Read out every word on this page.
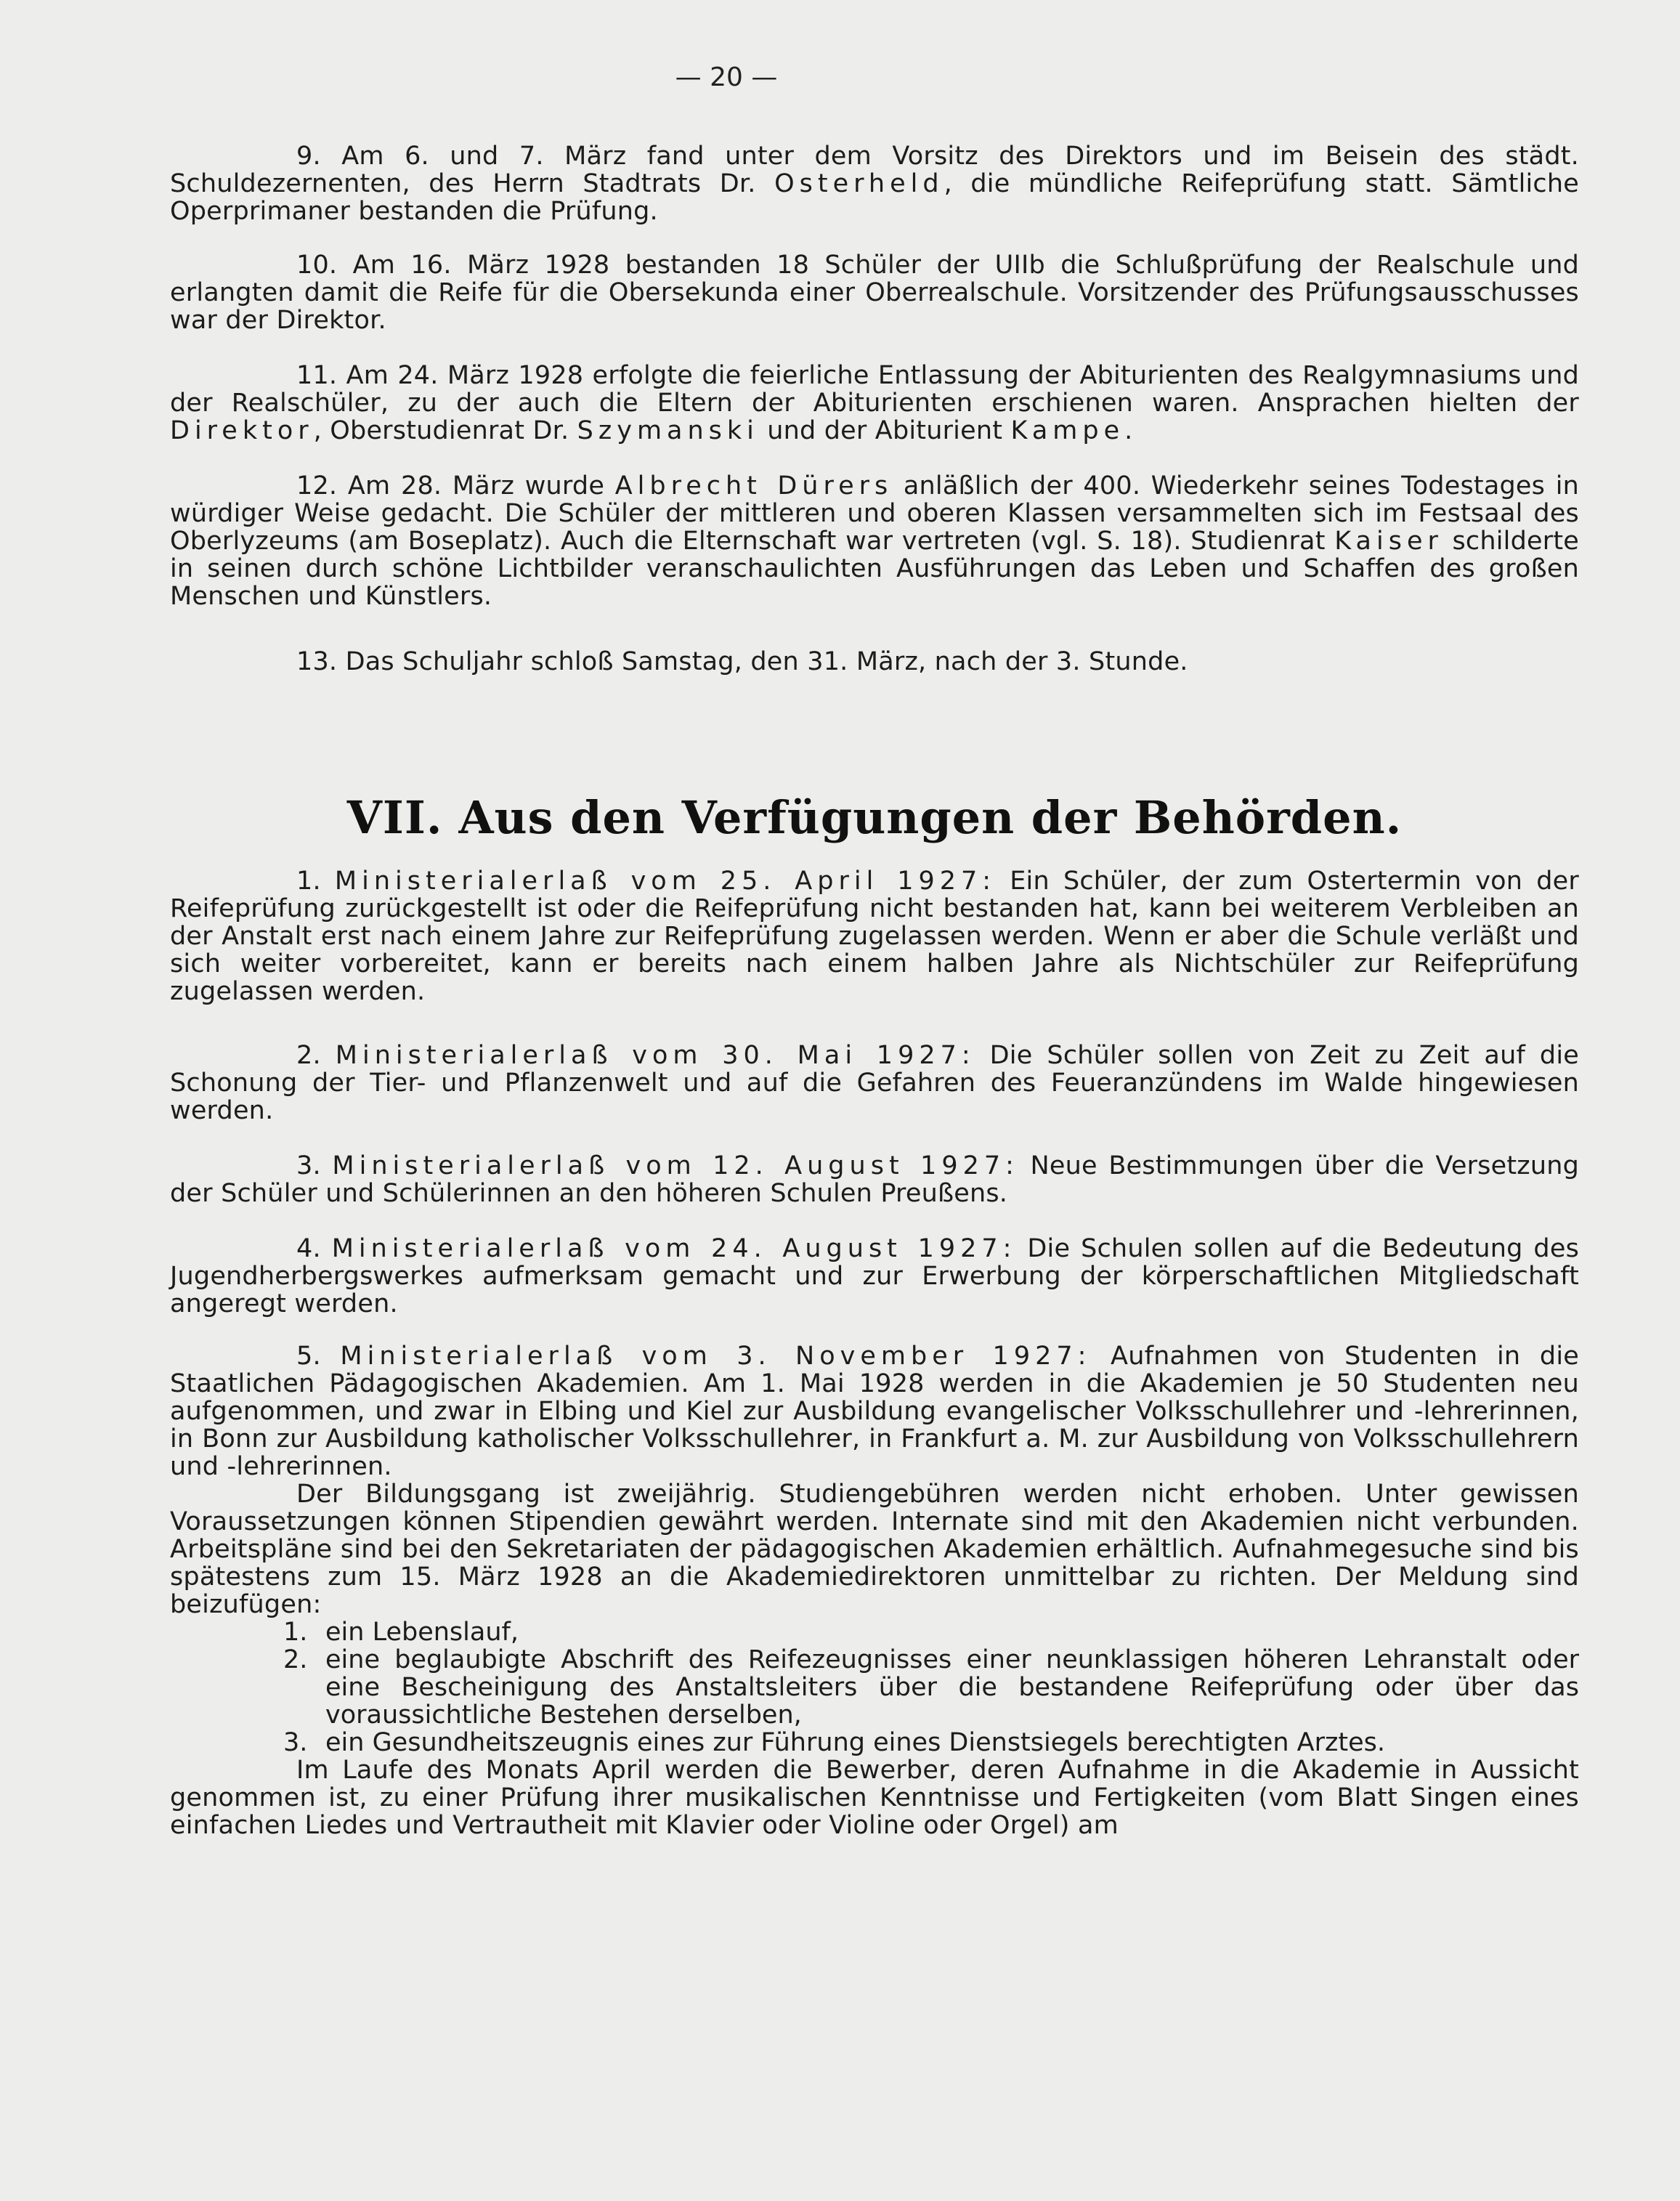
— 20 —

9. Am 6. und 7. März fand unter dem Vorsitz des Direktors und im Beisein des städt. Schuldezernenten, des Herrn Stadtrats Dr. Osterheld, die mündliche Reifeprüfung statt. Sämtliche Operprimaner bestanden die Prüfung.

10. Am 16. März 1928 bestanden 18 Schüler der UIIb die Schlußprüfung der Realschule und erlangten damit die Reife für die Obersekunda einer Oberrealschule. Vorsitzender des Prüfungsausschusses war der Direktor.

11. Am 24. März 1928 erfolgte die feierliche Entlassung der Abiturienten des Realgymnasiums und der Realschüler, zu der auch die Eltern der Abiturienten erschienen waren. Ansprachen hielten der Direktor, Oberstudienrat Dr. Szymanski und der Abiturient Kampe.

12. Am 28. März wurde Albrecht Dürers anläßlich der 400. Wiederkehr seines Todestages in würdiger Weise gedacht. Die Schüler der mittleren und oberen Klassen versammelten sich im Festsaal des Oberlyzeums (am Boseplatz). Auch die Elternschaft war vertreten (vgl. S. 18). Studienrat Kaiser schilderte in seinen durch schöne Lichtbilder veranschaulichten Ausführungen das Leben und Schaffen des großen Menschen und Künstlers.

13. Das Schuljahr schloß Samstag, den 31. März, nach der 3. Stunde.

VII. Aus den Verfügungen der Behörden.

1. Ministerialerlaß vom 25. April 1927: Ein Schüler, der zum Ostertermin von der Reifeprüfung zurückgestellt ist oder die Reifeprüfung nicht bestanden hat, kann bei weiterem Verbleiben an der Anstalt erst nach einem Jahre zur Reifeprüfung zugelassen werden. Wenn er aber die Schule verläßt und sich weiter vorbereitet, kann er bereits nach einem halben Jahre als Nichtschüler zur Reifeprüfung zugelassen werden.

2. Ministerialerlaß vom 30. Mai 1927: Die Schüler sollen von Zeit zu Zeit auf die Schonung der Tier- und Pflanzenwelt und auf die Gefahren des Feueranzündens im Walde hingewiesen werden.

3. Ministerialerlaß vom 12. August 1927: Neue Bestimmungen über die Versetzung der Schüler und Schülerinnen an den höheren Schulen Preußens.

4. Ministerialerlaß vom 24. August 1927: Die Schulen sollen auf die Bedeutung des Jugendherbergswerkes aufmerksam gemacht und zur Erwerbung der körperschaftlichen Mitgliedschaft angeregt werden.

5. Ministerialerlaß vom 3. November 1927: Aufnahmen von Studenten in die Staatlichen Pädagogischen Akademien. Am 1. Mai 1928 werden in die Akademien je 50 Studenten neu aufgenommen, und zwar in Elbing und Kiel zur Ausbildung evangelischer Volksschullehrer und -lehrerinnen, in Bonn zur Ausbildung katholischer Volksschullehrer, in Frankfurt a. M. zur Ausbildung von Volksschullehrern und -lehrerinnen.

Der Bildungsgang ist zweijährig. Studiengebühren werden nicht erhoben. Unter gewissen Voraussetzungen können Stipendien gewährt werden. Internate sind mit den Akademien nicht verbunden. Arbeitspläne sind bei den Sekretariaten der pädagogischen Akademien erhältlich. Aufnahmegesuche sind bis spätestens zum 15. März 1928 an die Akademiedirektoren unmittelbar zu richten. Der Meldung sind beizufügen:

1. ein Lebenslauf,
2. eine beglaubigte Abschrift des Reifezeugnisses einer neunklassigen höheren Lehranstalt oder eine Bescheinigung des Anstaltsleiters über die bestandene Reifeprüfung oder über das voraussichtliche Bestehen derselben,
3. ein Gesundheitszeugnis eines zur Führung eines Dienstsiegels berechtigten Arztes.

Im Laufe des Monats April werden die Bewerber, deren Aufnahme in die Akademie in Aussicht genommen ist, zu einer Prüfung ihrer musikalischen Kenntnisse und Fertigkeiten (vom Blatt Singen eines einfachen Liedes und Vertrautheit mit Klavier oder Violine oder Orgel) am
